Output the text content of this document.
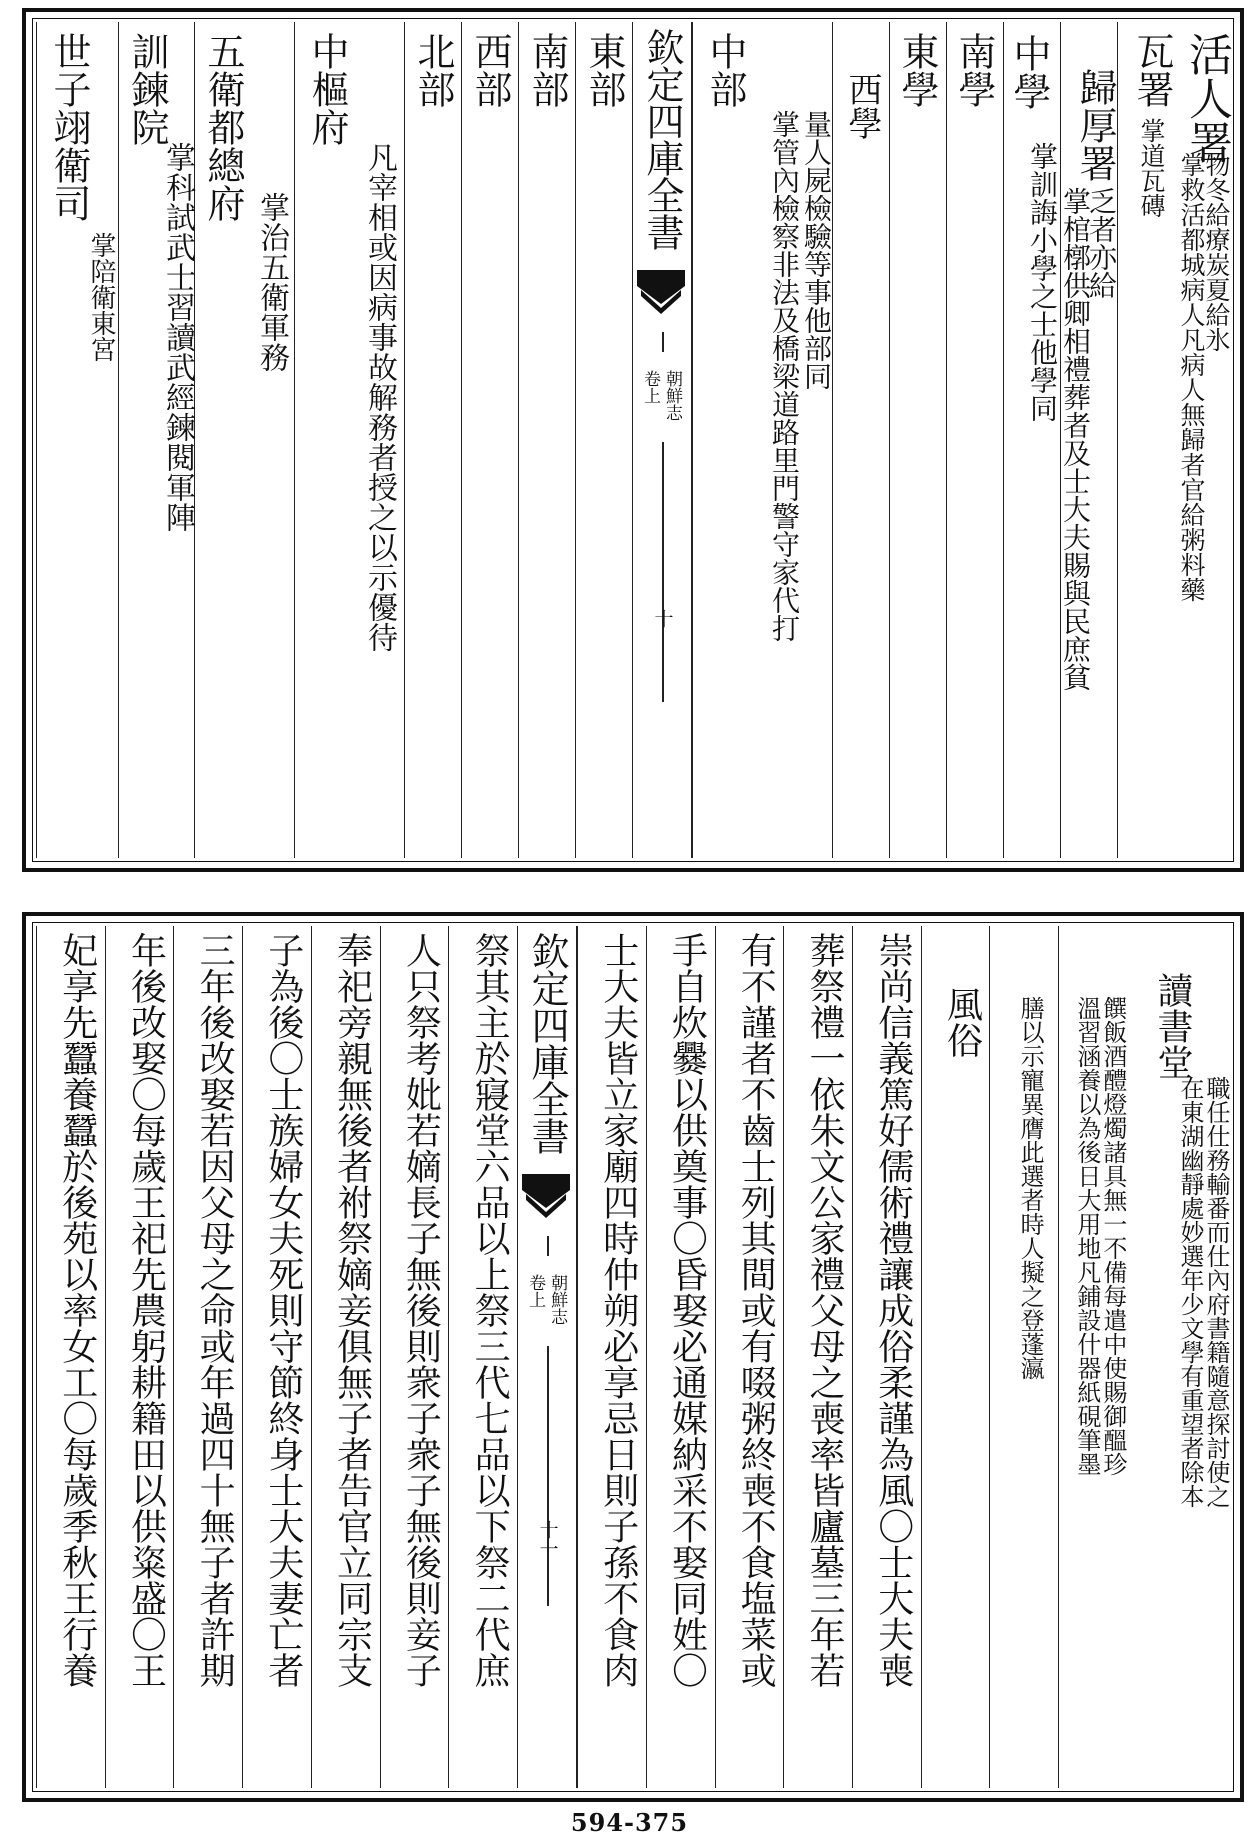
活人署
掌救活都城病人凡病人無歸者官給粥料藥
物冬給療炭夏給氷
瓦署
掌道瓦磚
歸厚署
掌棺槨供卿相禮葬者及士大夫賜與民庶貧
乏者亦給
中學
掌訓誨小學之士他學同
南學
東學
西學
中部
掌管內檢察非法及橋梁道路里門警守家代打 量人屍檢驗等事他部同
欽定四庫全書
朝鮮志
卷上
十
東部
南部
西部
北部
中樞府
凡宰相或因病事故解務者授之以示優待
五衛都總府
掌治五衛軍務
訓鍊院
掌科試武士習讀武經鍊閱軍陣
世子翊衛司
掌陪衛東宮
讀書堂
在東湖幽靜處妙選年少文學有重望者除本
職任仕務輸番而仕內府書籍隨意探討使之
溫習涵養以為後日大用地凡鋪設什器紙硯筆墨
饌飯酒醴燈燭諸具無一不備每遣中使賜御醞珍
膳以示寵異膺此選者時人擬之登蓬瀛
風俗
崇尚信義篤好儒術禮讓成俗柔謹為風〇士大夫喪
葬祭禮一依朱文公家禮父母之喪率皆廬墓三年若
有不謹者不齒士列其間或有啜粥終喪不食塩菜或
手自炊爨以供奠事〇昏娶必通媒納采不娶同姓〇
士大夫皆立家廟四時仲朔必享忌日則子孫不食肉
欽定四庫全書
朝鮮志
卷上
十一
祭其主於寢堂六品以上祭三代七品以下祭二代庶
人只祭考妣若嫡長子無後則衆子衆子無後則妾子
奉祀旁親無後者祔祭嫡妾俱無子者告官立同宗支
子為後〇士族婦女夫死則守節終身士大夫妻亡者
三年後改娶若因父母之命或年過四十無子者許期
年後改娶〇每歲王祀先農躬耕籍田以供粢盛〇王
妃享先蠶養蠶於後苑以率女工〇每歲季秋王行養
594-375
